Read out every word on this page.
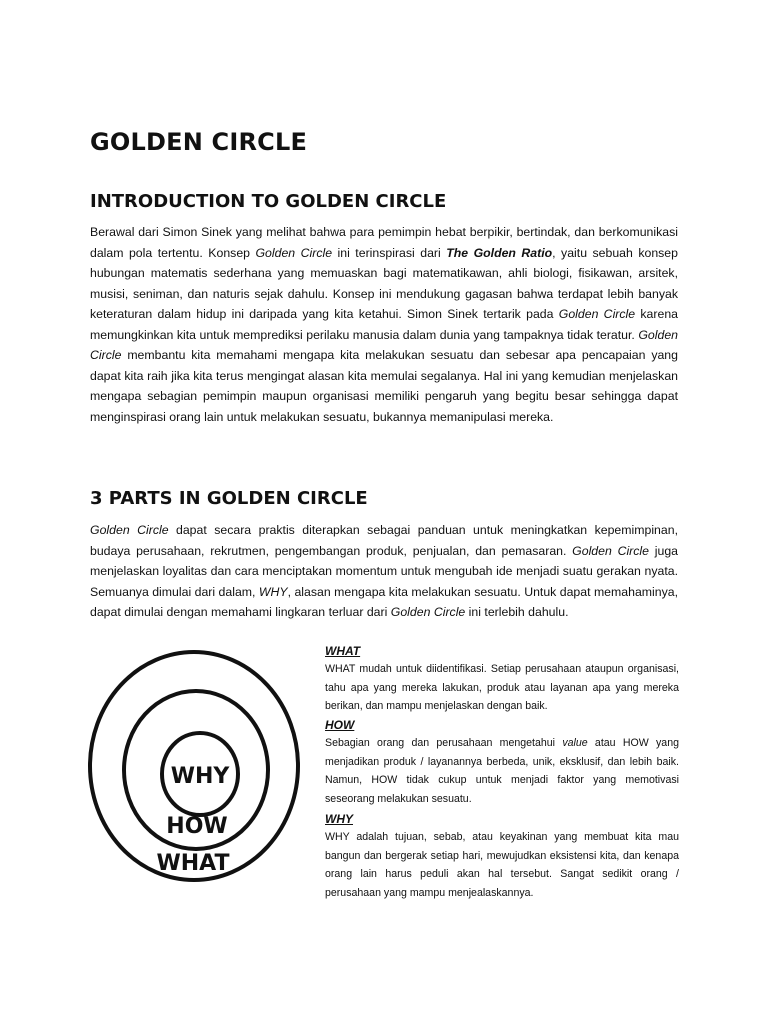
GOLDEN CIRCLE
INTRODUCTION TO GOLDEN CIRCLE

Berawal dari Simon Sinek yang melihat bahwa para pemimpin hebat berpikir, bertindak, dan berkomunikasi dalam pola tertentu. Konsep Golden Circle ini terinspirasi dari The Golden Ratio, yaitu sebuah konsep hubungan matematis sederhana yang memuaskan bagi matematikawan, ahli biologi, fisikawan, arsitek, musisi, seniman, dan naturis sejak dahulu. Konsep ini mendukung gagasan bahwa terdapat lebih banyak keteraturan dalam hidup ini daripada yang kita ketahui. Simon Sinek tertarik pada Golden Circle karena memungkinkan kita untuk memprediksi perilaku manusia dalam dunia yang tampaknya tidak teratur. Golden Circle membantu kita memahami mengapa kita melakukan sesuatu dan sebesar apa pencapaian yang dapat kita raih jika kita terus mengingat alasan kita memulai segalanya. Hal ini yang kemudian menjelaskan mengapa sebagian pemimpin maupun organisasi memiliki pengaruh yang begitu besar sehingga dapat menginspirasi orang lain untuk melakukan sesuatu, bukannya memanipulasi mereka.

3 PARTS IN GOLDEN CIRCLE

Golden Circle dapat secara praktis diterapkan sebagai panduan untuk meningkatkan kepemimpinan, budaya perusahaan, rekrutmen, pengembangan produk, penjualan, dan pemasaran. Golden Circle juga menjelaskan loyalitas dan cara menciptakan momentum untuk mengubah ide menjadi suatu gerakan nyata. Semuanya dimulai dari dalam, WHY, alasan mengapa kita melakukan sesuatu. Untuk dapat memahaminya, dapat dimulai dengan memahami lingkaran terluar dari Golden Circle ini terlebih dahulu.

WHY
HOW
WHAT
WHAT

WHAT mudah untuk diidentifikasi. Setiap perusahaan ataupun organisasi, tahu apa yang mereka lakukan, produk atau layanan apa yang mereka berikan, dan mampu menjelaskan dengan baik.

HOW

Sebagian orang dan perusahaan mengetahui value atau HOW yang menjadikan produk / layanannya berbeda, unik, eksklusif, dan lebih baik. Namun, HOW tidak cukup untuk menjadi faktor yang memotivasi seseorang melakukan sesuatu.

WHY

WHY adalah tujuan, sebab, atau keyakinan yang membuat kita mau bangun dan bergerak setiap hari, mewujudkan eksistensi kita, dan kenapa orang lain harus peduli akan hal tersebut. Sangat sedikit orang / perusahaan yang mampu menjealaskannya.
